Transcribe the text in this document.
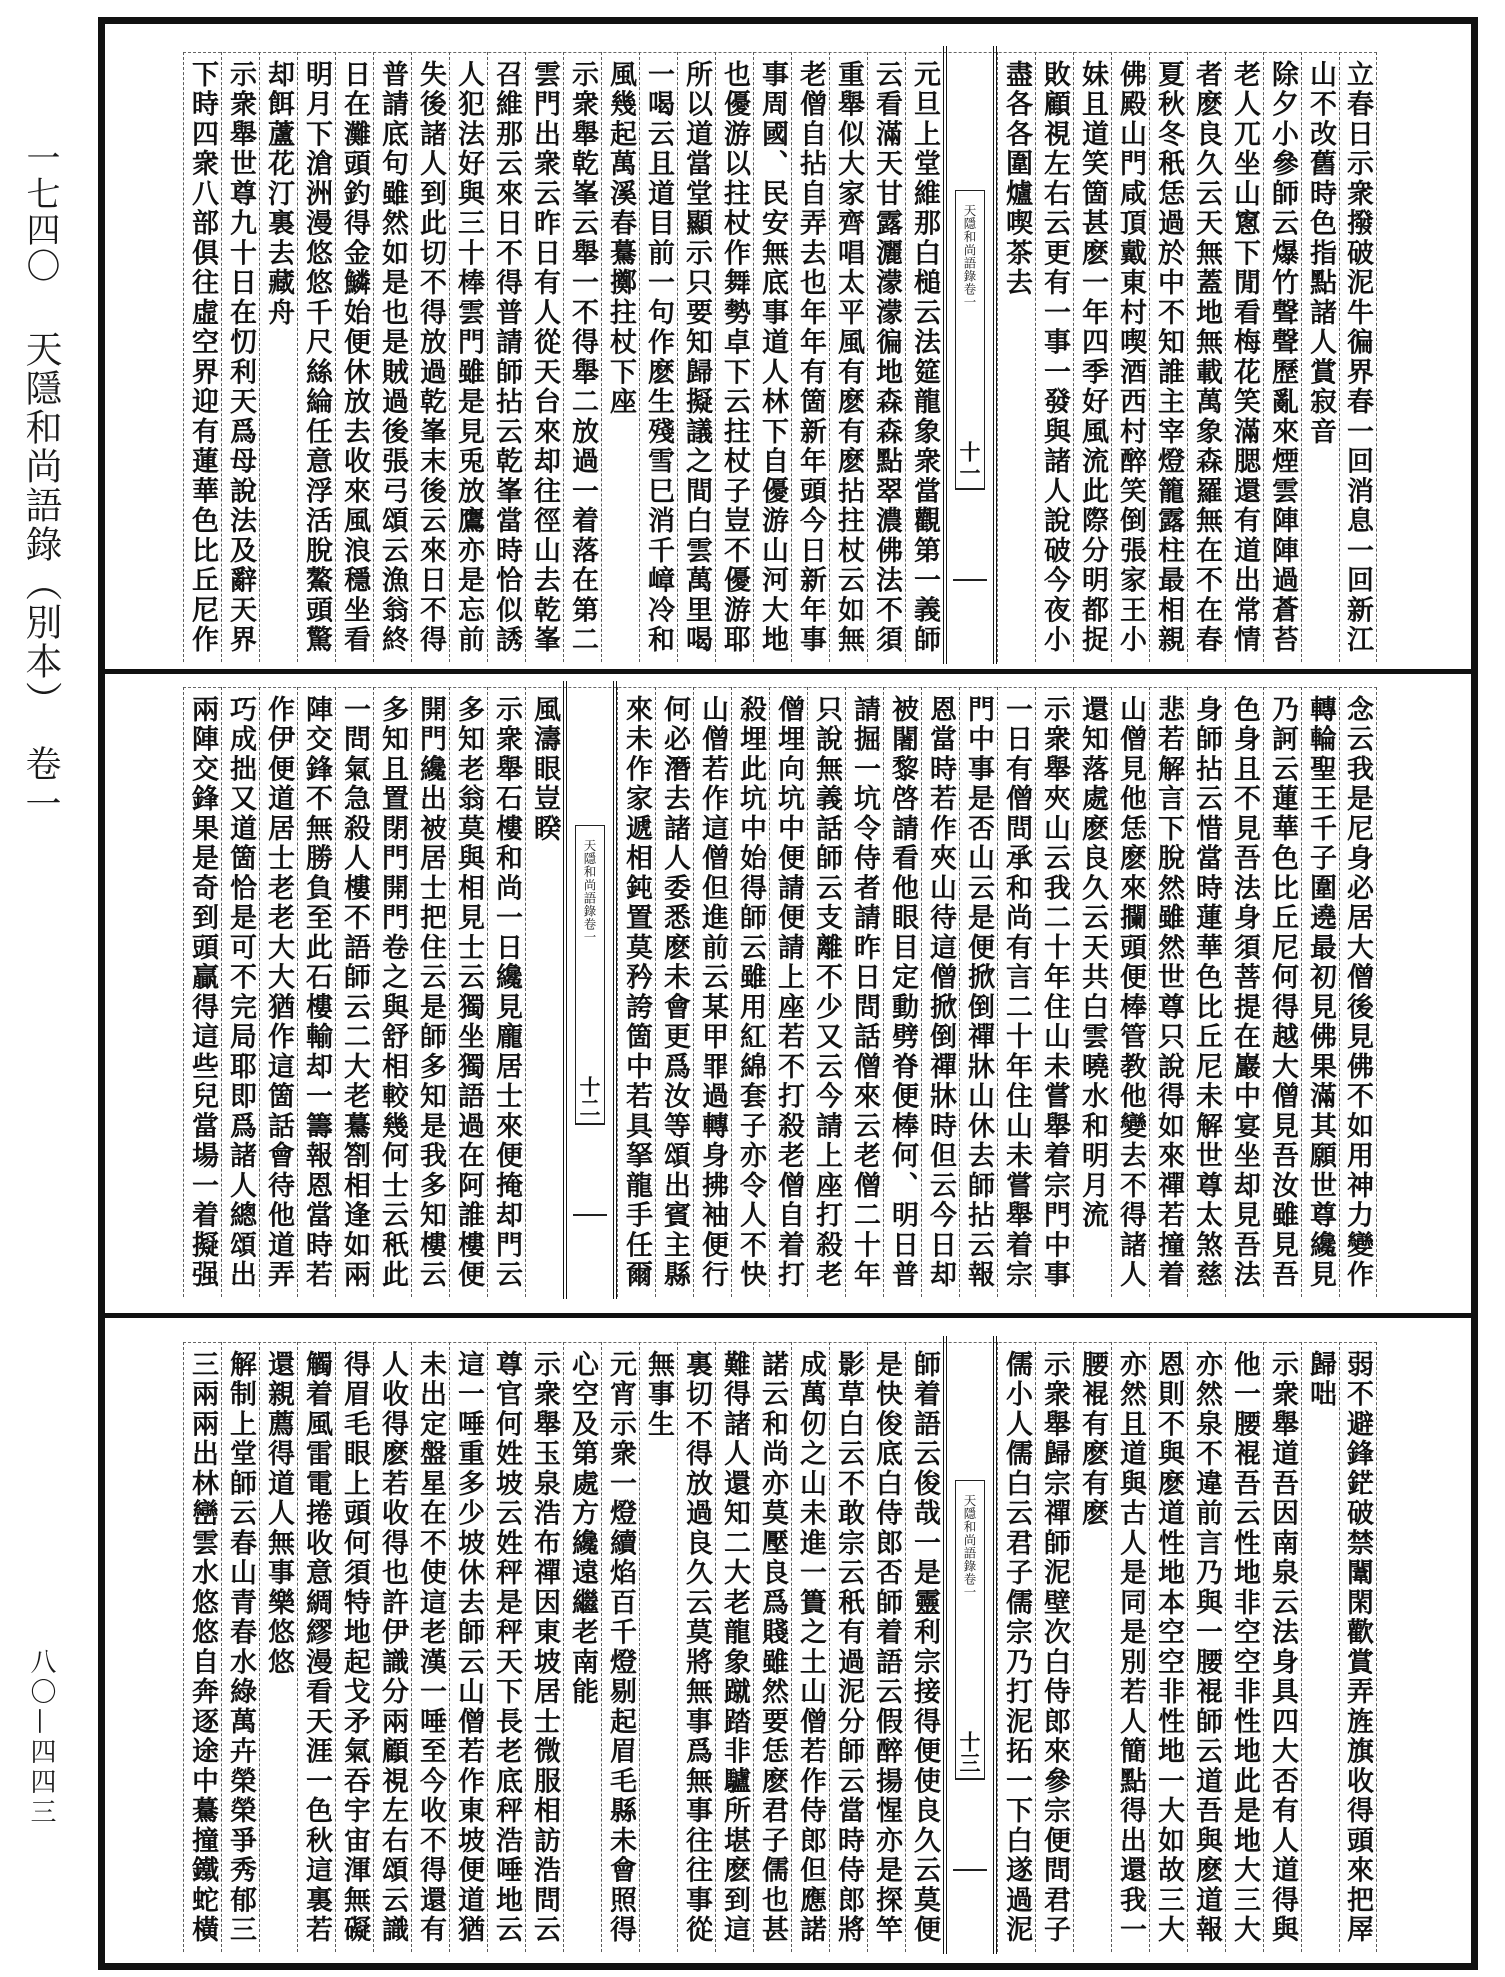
一七四〇
天隱和尚語錄（別本）
卷一
八〇—四四三
立春日示衆撥破泥牛徧界春一回消息一回新江
山不改舊時色指點諸人賞寂音
除夕小參師云爆竹聲聲歷亂來煙雲陣陣過蒼苔
老人兀坐山窻下閒看梅花笑滿腮還有道出常情
者麽良久云天無蓋地無載萬象森羅無在不在春
夏秋冬秖恁過於中不知誰主宰燈籠露柱最相親
佛殿山門咸頂戴東村喫酒西村醉笑倒張家王小
妹且道笑箇甚麽一年四季好風流此際分明都捉
敗顧視左右云更有一事一發與諸人說破今夜小
盡各各圍爐喫茶去
天隱和尚語錄卷一
十一
元旦上堂維那白槌云法筵龍象衆當觀第一義師
云看滿天甘露灑濛濛徧地森森點翠濃佛法不須
重舉似大家齊唱太平風有麽有麽拈拄杖云如無
老僧自拈自弄去也年年有箇新年頭今日新年事
事周國、民安無底事道人林下自優游山河大地
也優游以拄杖作舞勢卓下云拄杖子豈不優游耶
所以道當堂顯示只要知歸擬議之間白雲萬里喝
一喝云且道目前一句作麽生殘雪巳消千嶂冷和
風幾起萬溪春驀擲拄杖下座
示衆舉乾峯云舉一不得舉二放過一着落在第二
雲門出衆云昨日有人從天台來却往徑山去乾峯
召維那云來日不得普請師拈云乾峯當時恰似誘
人犯法好與三十棒雲門雖是見兎放鷹亦是忘前
失後諸人到此切不得放過乾峯末後云來日不得
普請底句雖然如是也是賊過後張弓頌云漁翁終
日在灘頭釣得金鱗始便休放去收來風浪穩坐看
明月下滄洲漫悠悠千尺絲綸任意浮活脫鰲頭驚
却餌蘆花汀裏去藏舟
示衆舉世尊九十日在忉利天爲母說法及辭天界
下時四衆八部俱往虛空界迎有蓮華色比丘尼作
念云我是尼身必居大僧後見佛不如用神力變作
轉輪聖王千子圍遶最初見佛果滿其願世尊纔見
乃訶云蓮華色比丘尼何得越大僧見吾汝雖見吾
色身且不見吾法身須菩提在巖中宴坐却見吾法
身師拈云惜當時蓮華色比丘尼未解世尊太煞慈
悲若解言下脫然雖然世尊只說得如來禪若撞着
山僧見他恁麽來攔頭便棒管教他變去不得諸人
還知落處麽良久云天共白雲曉水和明月流
示衆舉夾山云我二十年住山未嘗舉着宗門中事
一日有僧問承和尚有言二十年住山未嘗舉着宗
門中事是否山云是便掀倒禪牀山休去師拈云報
恩當時若作夾山待這僧掀倒禪牀時但云今日却
被闍黎啓請看他眼目定動劈脊便棒何、明日普
請掘一坑令侍者請昨日問話僧來云老僧二十年
只說無義話師云支離不少又云今請上座打殺老
僧埋向坑中便請便請上座若不打殺老僧自着打
殺埋此坑中始得師云雖用紅綿套子亦令人不快
山僧若作這僧但進前云某甲罪過轉身拂袖便行
何必潛去諸人委悉麽未會更爲汝等頌出賓主縣
來未作家遞相鈍置莫矜誇箇中若具拏龍手任爾
天隱和尚語錄卷一
十二
風濤眼豈睽
示衆舉石樓和尚一日纔見龐居士來便掩却門云
多知老翁莫與相見士云獨坐獨語過在阿誰樓便
開門纔出被居士把住云是師多知是我多知樓云
多知且置閉門開門卷之與舒相較幾何士云秖此
一問氣急殺人樓不語師云二大老驀劄相逢如兩
陣交鋒不無勝負至此石樓輸却一籌報恩當時若
作伊便道居士老老大大猶作這箇話會待他道弄
巧成拙又道箇恰是可不完局耶即爲諸人總頌出
兩陣交鋒果是奇到頭贏得這些兒當場一着擬强
弱不避鋒鋩破禁闈閑歡賞弄旌旗收得頭來把屖
歸咄
示衆舉道吾因南泉云法身具四大否有人道得與
他一腰裩吾云性地非空空非性地此是地大三大
亦然泉不違前言乃與一腰裩師云道吾與麽道報
恩則不與麽道性地本空空非性地一大如故三大
亦然且道與古人是同是別若人簡點得出還我一
腰裩有麽有麽
示衆舉歸宗禪師泥壁次白侍郎來參宗便問君子
儒小人儒白云君子儒宗乃打泥拓一下白遂過泥
天隱和尚語錄卷一
十三
師着語云俊哉一是靈利宗接得便使良久云莫便
是快俊底白侍郎否師着語云假醉揚惺亦是探竿
影草白云不敢宗云秖有過泥分師云當時侍郎將
成萬仞之山未進一簣之土山僧若作侍郎但應諾
諾云和尚亦莫壓良爲賤雖然要恁麽君子儒也甚
難得諸人還知二大老龍象蹴踏非驢所堪麽到這
裏切不得放過良久云莫將無事爲無事往往事從
無事生
元宵示衆一燈續焰百千燈剔起眉毛縣未會照得
心空及第處方纔遠繼老南能
示衆舉玉泉浩布禪因東坡居士微服相訪浩問云
尊官何姓坡云姓秤是秤天下長老底秤浩唾地云
這一唾重多少坡休去師云山僧若作東坡便道猶
未出定盤星在不使這老漢一唾至今收不得還有
人收得麽若收得也許伊識分兩顧視左右頌云識
得眉毛眼上頭何須特地起戈矛氣吞宇宙渾無礙
觸着風雷電捲收意綢繆漫看天涯一色秋這裏若
還親薦得道人無事樂悠悠
解制上堂師云春山青春水綠萬卉榮榮爭秀郁三
三兩兩出林巒雲水悠悠自奔逐途中驀撞鐵蛇橫
